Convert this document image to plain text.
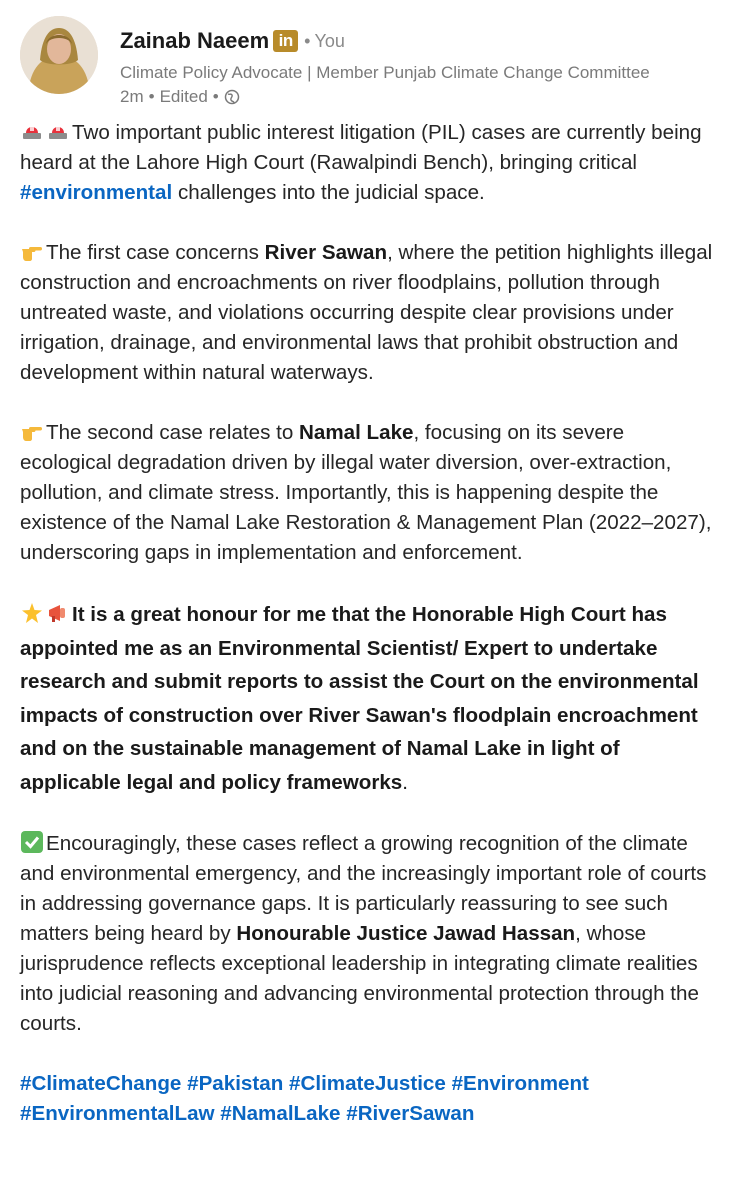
Zainab Naeem in • You
Climate Policy Advocate | Member Punjab Climate Change Committee
2m • Edited •

Two important public interest litigation (PIL) cases are currently being heard at the Lahore High Court (Rawalpindi Bench), bringing critical #environmental challenges into the judicial space.

The first case concerns River Sawan, where the petition highlights illegal construction and encroachments on river floodplains, pollution through untreated waste, and violations occurring despite clear provisions under irrigation, drainage, and environmental laws that prohibit obstruction and development within natural waterways.

The second case relates to Namal Lake, focusing on its severe ecological degradation driven by illegal water diversion, over-extraction, pollution, and climate stress. Importantly, this is happening despite the existence of the Namal Lake Restoration & Management Plan (2022–2027), underscoring gaps in implementation and enforcement.

It is a great honour for me that the Honorable High Court has appointed me as an Environmental Scientist/ Expert to undertake research and submit reports to assist the Court on the environmental impacts of construction over River Sawan's floodplain encroachment and on the sustainable management of Namal Lake in light of applicable legal and policy frameworks.

Encouragingly, these cases reflect a growing recognition of the climate and environmental emergency, and the increasingly important role of courts in addressing governance gaps. It is particularly reassuring to see such matters being heard by Honourable Justice Jawad Hassan, whose jurisprudence reflects exceptional leadership in integrating climate realities into judicial reasoning and advancing environmental protection through the courts.

#ClimateChange #Pakistan #ClimateJustice #Environment #EnvironmentalLaw #NamalLake #RiverSawan
